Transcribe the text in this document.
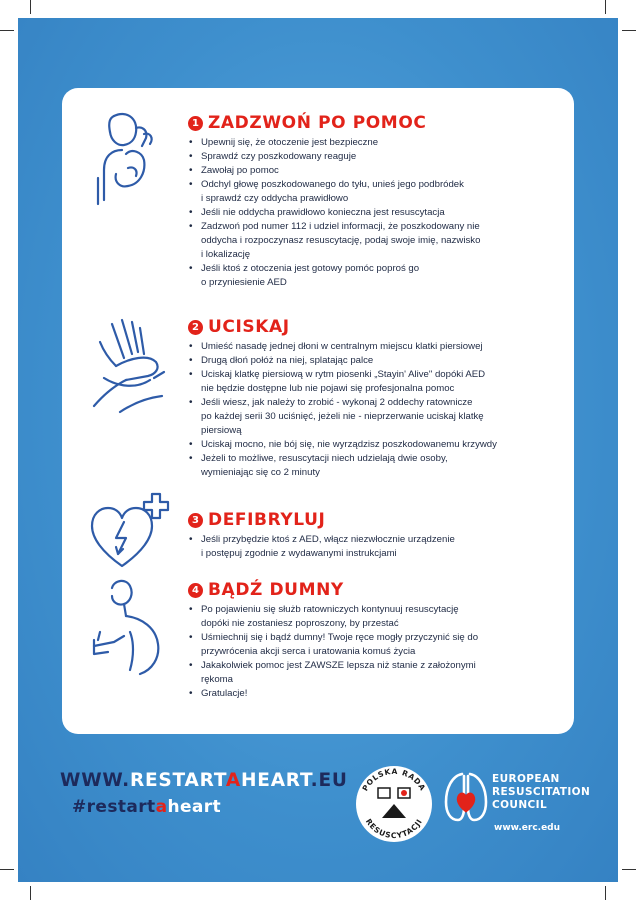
1 ZADZWOŃ PO POMOC
• Upewnij się, że otoczenie jest bezpieczne
• Sprawdź czy poszkodowany reaguje
• Zawołaj po pomoc
• Odchyl głowę poszkodowanego do tyłu, unieś jego podbródek
i sprawdź czy oddycha prawidłowo
• Jeśli nie oddycha prawidłowo konieczna jest resuscytacja
• Zadzwoń pod numer 112 i udziel informacji, że poszkodowany nie
oddycha i rozpoczynasz resuscytację, podaj swoje imię, nazwisko
i lokalizację
• Jeśli ktoś z otoczenia jest gotowy pomóc poproś go
o przyniesienie AED
2 UCISKAJ
• Umieść nasadę jednej dłoni w centralnym miejscu klatki piersiowej
• Drugą dłoń połóż na niej, splatając palce
• Uciskaj klatkę piersiową w rytm piosenki „Stayin' Alive" dopóki AED
nie będzie dostępne lub nie pojawi się profesjonalna pomoc
• Jeśli wiesz, jak należy to zrobić - wykonaj 2 oddechy ratownicze
po każdej serii 30 uciśnięć, jeżeli nie - nieprzerwanie uciskaj klatkę
piersiową
• Uciskaj mocno, nie bój się, nie wyrządzisz poszkodowanemu krzywdy
• Jeżeli to możliwe, resuscytacji niech udzielają dwie osoby,
wymieniając się co 2 minuty
3 DEFIBRYLUJ
• Jeśli przybędzie ktoś z AED, włącz niezwłocznie urządzenie
i postępuj zgodnie z wydawanymi instrukcjami
4 BĄDŹ DUMNY
• Po pojawieniu się służb ratowniczych kontynuuj resuscytację
dopóki nie zostaniesz poproszony, by przestać
• Uśmiechnij się i bądź dumny! Twoje ręce mogły przyczynić się do
przywrócenia akcji serca i uratowania komuś życia
• Jakakolwiek pomoc jest ZAWSZE lepsza niż stanie z założonymi
rękoma
• Gratulacje!
WWW.RESTARTAHEART.EU
#restartaheart
POLSKA RADA
RESUSCYTACJI
EUROPEAN
RESUSCITATION
COUNCIL
www.erc.edu
